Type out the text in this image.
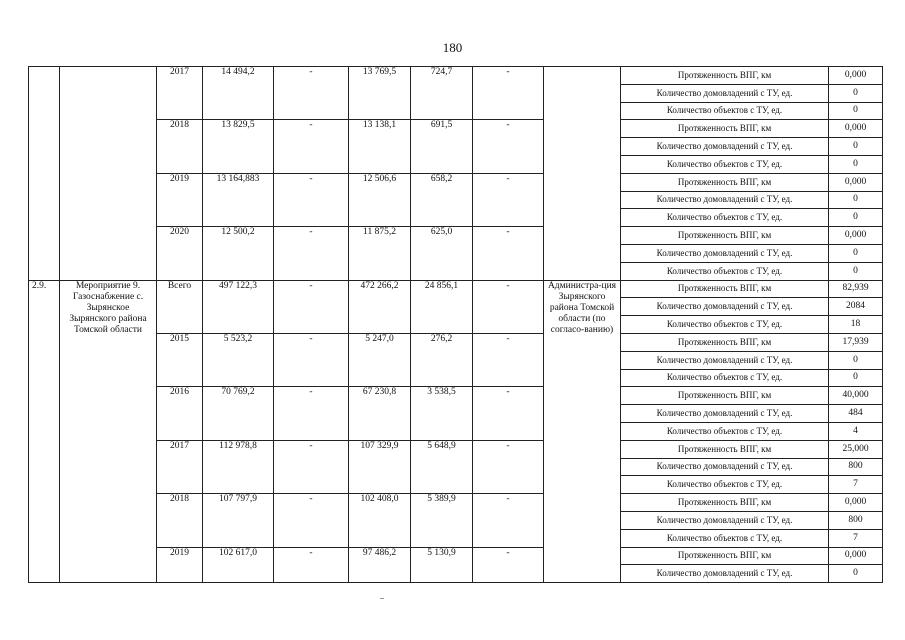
180
		2017	14 494,2	-	13 769,5	724,7	-		Протяженность ВПГ, км	0,000
									Количество домовладений с ТУ, ед.	0
									Количество объектов с ТУ, ед.	0
		2018	13 829,5	-	13 138,1	691,5	-		Протяженность ВПГ, км	0,000
									Количество домовладений с ТУ, ед.	0
									Количество объектов с ТУ, ед.	0
		2019	13 164,883	-	12 506,6	658,2	-		Протяженность ВПГ, км	0,000
									Количество домовладений с ТУ, ед.	0
									Количество объектов с ТУ, ед.	0
		2020	12 500,2	-	11 875,2	625,0	-		Протяженность ВПГ, км	0,000
									Количество домовладений с ТУ, ед.	0
									Количество объектов с ТУ, ед.	0
2.9.	Мероприятие 9. Газоснабжение с. Зырянское Зырянского района Томской области	Всего	497 122,3	-	472 266,2	24 856,1	-	Администра-ция Зырянского района Томской области (по согласо-ванию)	Протяженность ВПГ, км	82,939
									Количество домовладений с ТУ, ед.	2084
									Количество объектов с ТУ, ед.	18
		2015	5 523,2	-	5 247,0	276,2	-		Протяженность ВПГ, км	17,939
									Количество домовладений с ТУ, ед.	0
									Количество объектов с ТУ, ед.	0
		2016	70 769,2	-	67 230,8	3 538,5	-		Протяженность ВПГ, км	40,000
									Количество домовладений с ТУ, ед.	484
									Количество объектов с ТУ, ед.	4
		2017	112 978,8	-	107 329,9	5 648,9	-		Протяженность ВПГ, км	25,000
									Количество домовладений с ТУ, ед.	800
									Количество объектов с ТУ, ед.	7
		2018	107 797,9	-	102 408,0	5 389,9	-		Протяженность ВПГ, км	0,000
									Количество домовладений с ТУ, ед.	800
									Количество объектов с ТУ, ед.	7
		2019	102 617,0	-	97 486,2	5 130,9	-		Протяженность ВПГ, км	0,000
									Количество домовладений с ТУ, ед.	0
